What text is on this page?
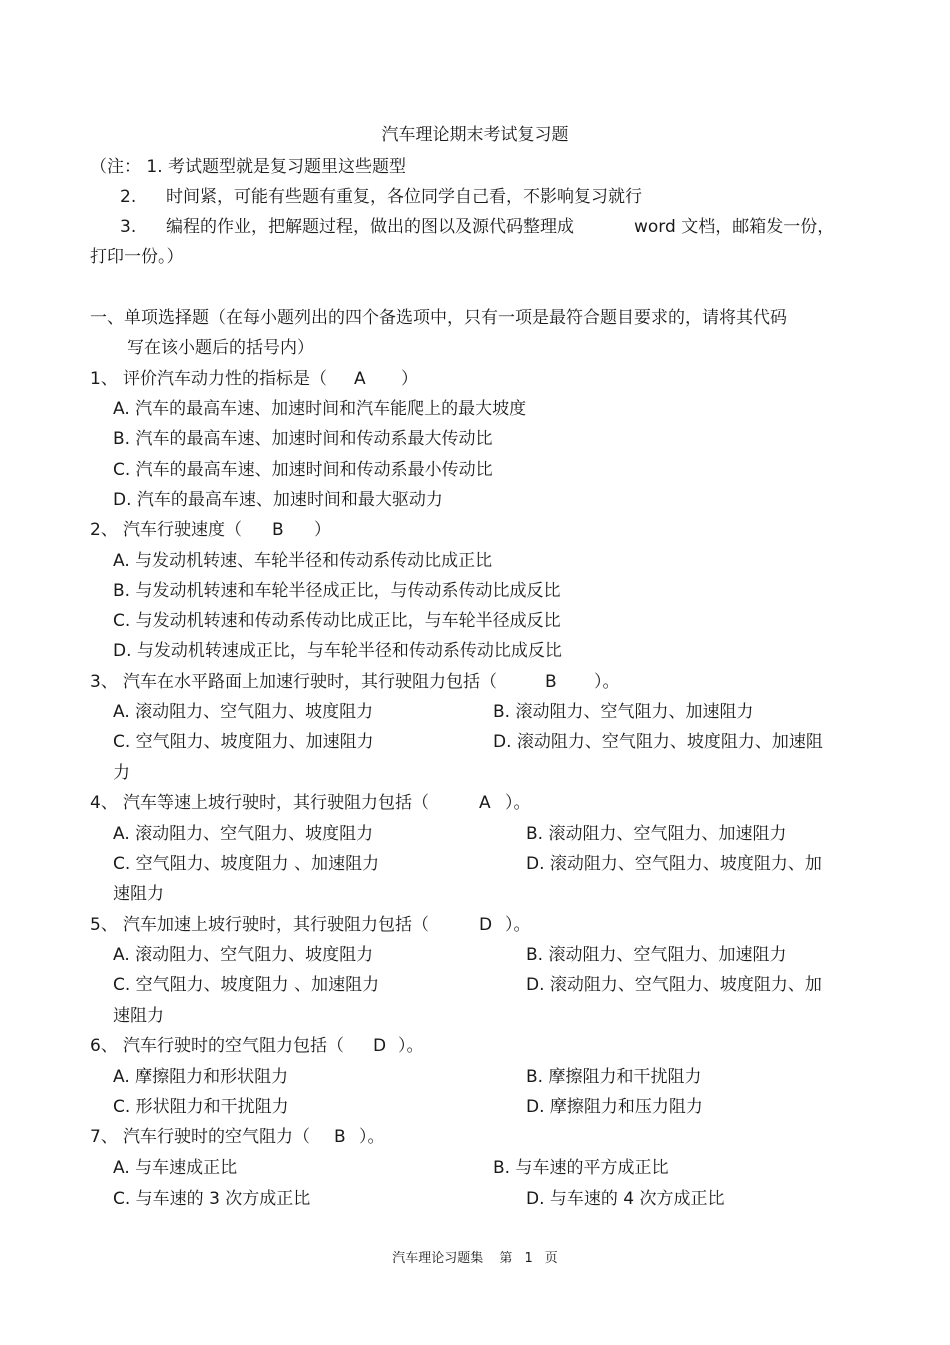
汽车理论期末考试复习题
（注： 1. 考试题型就是复习题里这些题型
2. 时间紧，可能有些题有重复，各位同学自己看，不影响复习就行
3. 编程的作业，把解题过程，做出的图以及源代码整理成	word 文档，邮箱发一份，
打印一份。）
一、单项选择题（在每小题列出的四个备选项中，只有一项是最符合题目要求的，请将其代码
写在该小题后的括号内）
1、 评价汽车动力性的指标是（ A ）
A. 汽车的最高车速、加速时间和汽车能爬上的最大坡度
B. 汽车的最高车速、加速时间和传动系最大传动比
C. 汽车的最高车速、加速时间和传动系最小传动比
D. 汽车的最高车速、加速时间和最大驱动力
2、 汽车行驶速度（ B ）
A. 与发动机转速、车轮半径和传动系传动比成正比
B. 与发动机转速和车轮半径成正比，与传动系传动比成反比
C. 与发动机转速和传动系传动比成正比，与车轮半径成反比
D. 与发动机转速成正比，与车轮半径和传动系传动比成反比
3、 汽车在水平路面上加速行驶时，其行驶阻力包括（	B ）。
A. 滚动阻力、空气阻力、坡度阻力	B. 滚动阻力、空气阻力、加速阻力
C. 空气阻力、坡度阻力、加速阻力	D. 滚动阻力、空气阻力、坡度阻力、加速阻
力
4、 汽车等速上坡行驶时，其行驶阻力包括（	A ）。
A. 滚动阻力、空气阻力、坡度阻力	B. 滚动阻力、空气阻力、加速阻力
C. 空气阻力、坡度阻力 、加速阻力	D. 滚动阻力、空气阻力、坡度阻力、加
速阻力
5、 汽车加速上坡行驶时，其行驶阻力包括（	D ）。
A. 滚动阻力、空气阻力、坡度阻力	B. 滚动阻力、空气阻力、加速阻力
C. 空气阻力、坡度阻力 、加速阻力	D. 滚动阻力、空气阻力、坡度阻力、加
速阻力
6、 汽车行驶时的空气阻力包括（ D ）。
A. 摩擦阻力和形状阻力	B. 摩擦阻力和干扰阻力
C. 形状阻力和干扰阻力	D. 摩擦阻力和压力阻力
7、 汽车行驶时的空气阻力（ B ）。
A. 与车速成正比	B. 与车速的平方成正比
C. 与车速的 3 次方成正比	D. 与车速的 4 次方成正比
汽车理论习题集 第 1 页
